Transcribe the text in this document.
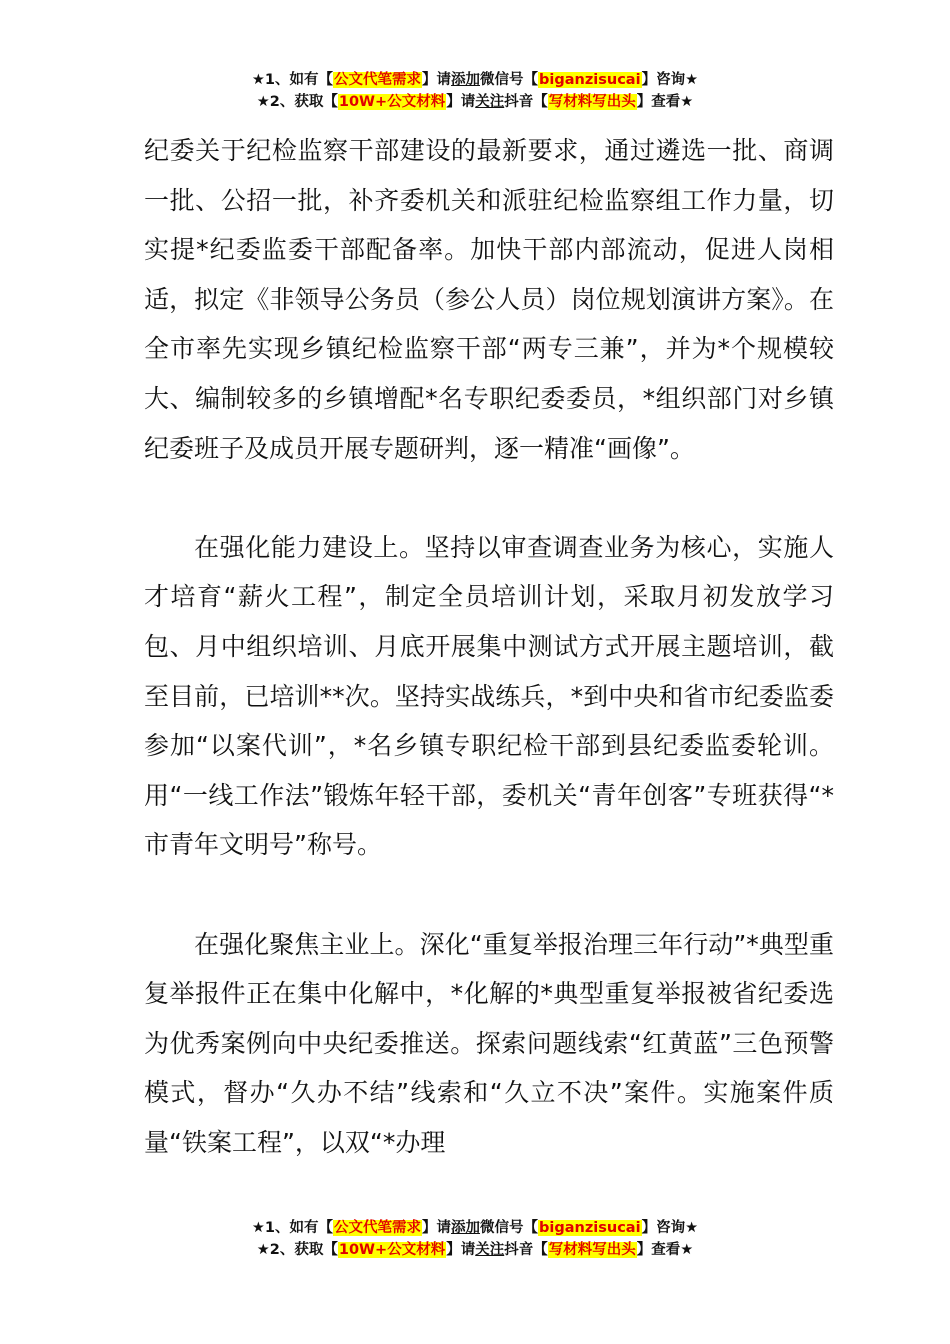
★1、如有【公文代笔需求】请添加微信号【biganzisucai】咨询★
★2、获取【10W+公文材料】请关注抖音【写材料写出头】查看★

纪委关于纪检监察干部建设的最新要求，通过遴选一批、商调一批、公招一批，补齐委机关和派驻纪检监察组工作力量，切实提*纪委监委干部配备率。加快干部内部流动，促进人岗相适，拟定《非领导公务员（参公人员）岗位规划演讲方案》。在全市率先实现乡镇纪检监察干部“两专三兼”，并为*个规模较大、编制较多的乡镇增配*名专职纪委委员，*组织部门对乡镇纪委班子及成员开展专题研判，逐一精准“画像”。

在强化能力建设上。坚持以审查调查业务为核心，实施人才培育“薪火工程”，制定全员培训计划，采取月初发放学习包、月中组织培训、月底开展集中测试方式开展主题培训，截至目前，已培训**次。坚持实战练兵，*到中央和省市纪委监委参加“以案代训”，*名乡镇专职纪检干部到县纪委监委轮训。用“一线工作法”锻炼年轻干部，委机关“青年创客”专班获得“*市青年文明号”称号。

在强化聚焦主业上。深化“重复举报治理三年行动”*典型重复举报件正在集中化解中，*化解的*典型重复举报被省纪委选为优秀案例向中央纪委推送。探索问题线索“红黄蓝”三色预警模式，督办“久办不结”线索和“久立不决”案件。实施案件质量“铁案工程”，以双“*办理

★1、如有【公文代笔需求】请添加微信号【biganzisucai】咨询★
★2、获取【10W+公文材料】请关注抖音【写材料写出头】查看★
